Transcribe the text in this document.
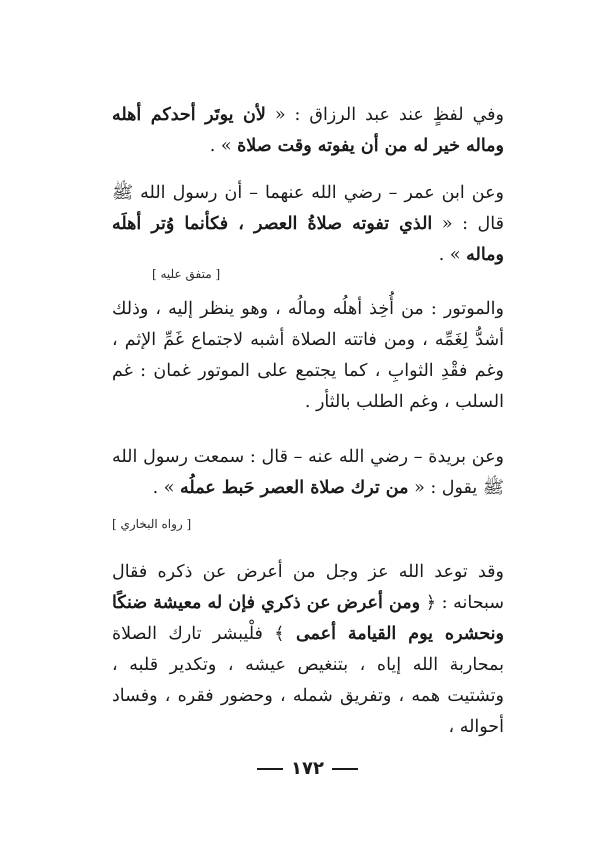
وفي لفظٍ عند عبد الرزاق : « لأن يوتَر أحدكم أهله وماله خير له من أن يفوته وقت صلاة » .

وعن ابن عمر – رضي الله عنهما – أن رسول الله ﷺ قال : « الذي تفوته صلاةُ العصر ، فكأنما وُتر أهلَه وماله » .

[ متفق عليه ]

والموتور : من أُخِذ أهلُه ومالُه ، وهو ينظر إليه ، وذلك أشدُّ لِغَمِّه ، ومن فاتته الصلاة أشبه لاجتماع غَمِّ الإثم ، وغم فقْدِ الثوابِ ، كما يجتمع على الموتور غمان : غم السلب ، وغم الطلب بالثأر .

وعن بريدة – رضي الله عنه – قال : سمعت رسول الله ﷺ يقول : « من ترك صلاة العصر حَبط عملُه » .

[ رواه البخاري ]

وقد توعد الله عز وجل من أعرض عن ذكره فقال سبحانه : ﴿ ومن أعرض عن ذكري فإن له معيشة ضنكًا ونحشره يوم القيامة أعمى ﴾ فلْيبشر تارك الصلاة بمحاربة الله إياه ، بتنغيص عيشه ، وتكدير قلبه ، وتشتيت همه ، وتفريق شمله ، وحضور فقره ، وفساد أحواله ،

١٧٢
